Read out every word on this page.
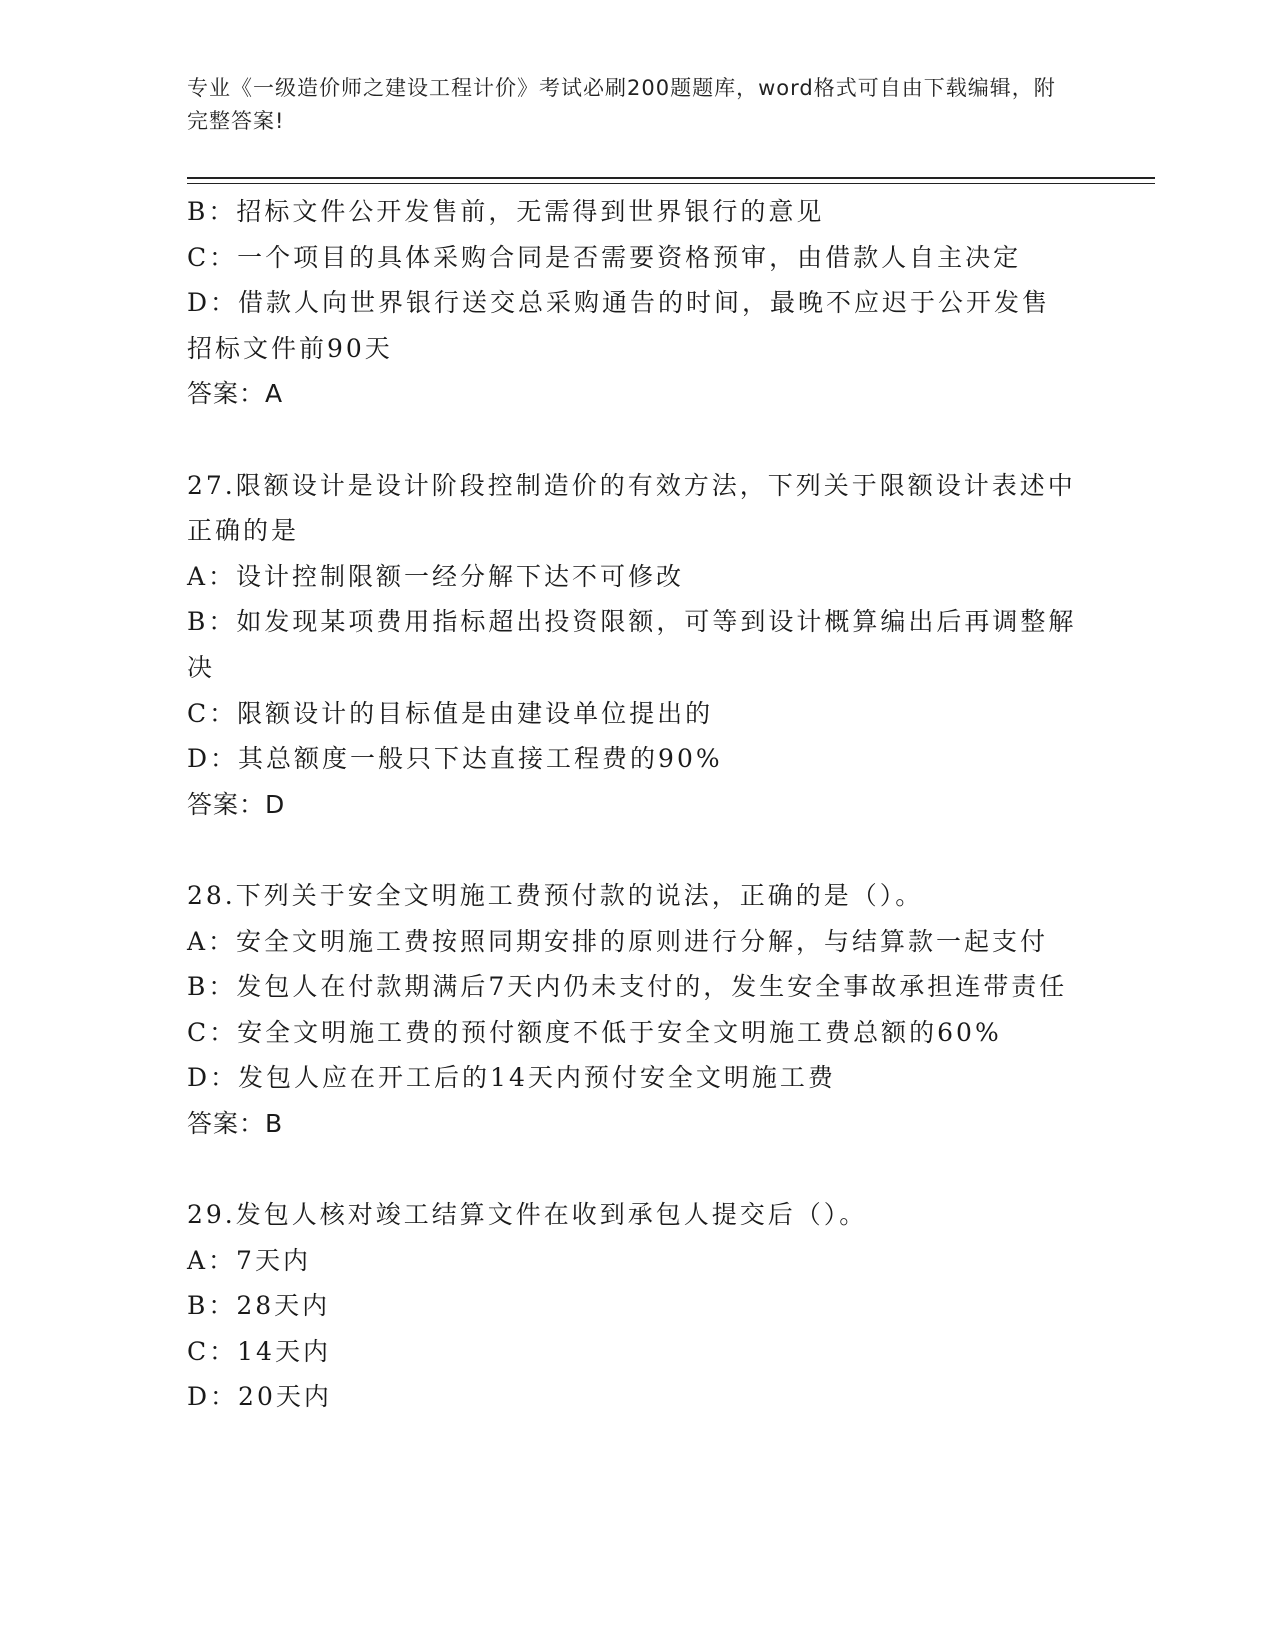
专业《一级造价师之建设工程计价》考试必刷200题题库，word格式可自由下载编辑，附完整答案!
B：招标文件公开发售前，无需得到世界银行的意见
C：一个项目的具体采购合同是否需要资格预审，由借款人自主决定
D：借款人向世界银行送交总采购通告的时间，最晚不应迟于公开发售招标文件前90天
答案：A
27.限额设计是设计阶段控制造价的有效方法，下列关于限额设计表述中正确的是
A：设计控制限额一经分解下达不可修改
B：如发现某项费用指标超出投资限额，可等到设计概算编出后再调整解决
C：限额设计的目标值是由建设单位提出的
D：其总额度一般只下达直接工程费的90%
答案：D
28.下列关于安全文明施工费预付款的说法，正确的是（）。
A：安全文明施工费按照同期安排的原则进行分解，与结算款一起支付
B：发包人在付款期满后7天内仍未支付的，发生安全事故承担连带责任
C：安全文明施工费的预付额度不低于安全文明施工费总额的60%
D：发包人应在开工后的14天内预付安全文明施工费
答案：B
29.发包人核对竣工结算文件在收到承包人提交后（）。
A：7天内
B：28天内
C：14天内
D：20天内
